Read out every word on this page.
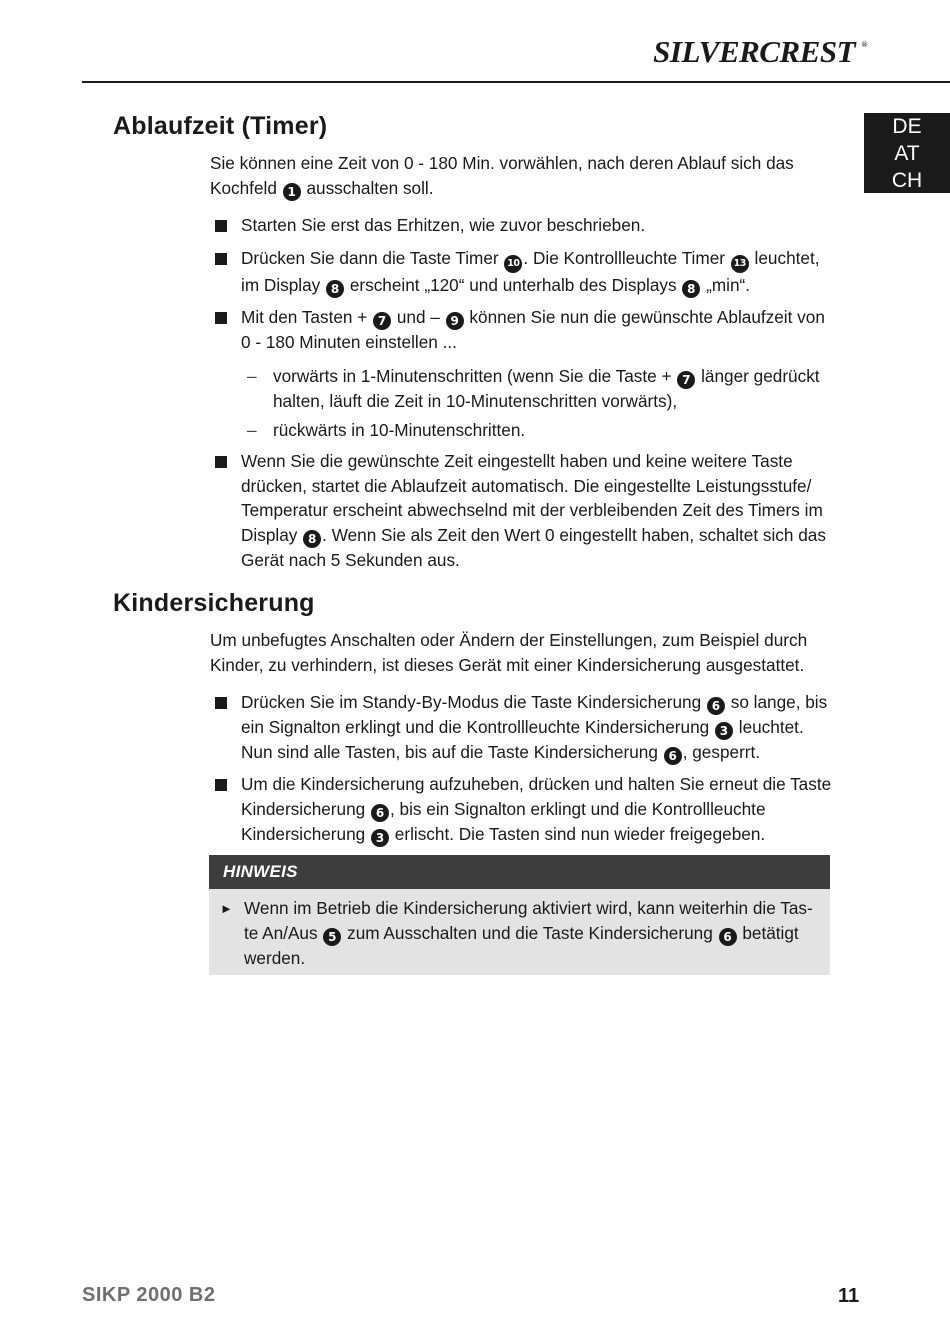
SILVERCREST ®
DE
AT
CH
Ablaufzeit (Timer)

Sie können eine Zeit von 0 - 180 Min. vorwählen, nach deren Ablauf sich das Kochfeld 1 ausschalten soll.

Starten Sie erst das Erhitzen, wie zuvor beschrieben.
Drücken Sie dann die Taste Timer 10 . Die Kontrollleuchte Timer 13 leuchtet, im Display 8 erscheint „120“ und unterhalb des Displays 8 „min“.
Mit den Tasten + 7 und – 9 können Sie nun die gewünschte Ablaufzeit von 0 - 180 Minuten einstellen ...
– vorwärts in 1-Minutenschritten (wenn Sie die Taste + 7 länger gedrückt halten, läuft die Zeit in 10-Minutenschritten vorwärts),
– rückwärts in 10-Minutenschritten.
Wenn Sie die gewünschte Zeit eingestellt haben und keine weitere Taste drücken, startet die Ablaufzeit automatisch. Die eingestellte Leistungsstufe/ Temperatur erscheint abwechselnd mit der verbleibenden Zeit des Timers im Display 8 . Wenn Sie als Zeit den Wert 0 eingestellt haben, schaltet sich das Gerät nach 5 Sekunden aus.
Kindersicherung

Um unbefugtes Anschalten oder Ändern der Einstellungen, zum Beispiel durch Kinder, zu verhindern, ist dieses Gerät mit einer Kindersicherung ausgestattet.

Drücken Sie im Standy-By-Modus die Taste Kindersicherung 6 so lange, bis ein Signalton erklingt und die Kontrollleuchte Kindersicherung 3 leuchtet. Nun sind alle Tasten, bis auf die Taste Kindersicherung 6 , gesperrt.
Um die Kindersicherung aufzuheben, drücken und halten Sie erneut die Taste Kindersicherung 6 , bis ein Signalton erklingt und die Kontrollleuchte Kindersicherung 3 erlischt. Die Tasten sind nun wieder freigegeben.
HINWEIS
► Wenn im Betrieb die Kindersicherung aktiviert wird, kann weiterhin die Taste An/Aus 5 zum Ausschalten und die Taste Kindersicherung 6 betätigt werden.
SIKP 2000 B2	11
